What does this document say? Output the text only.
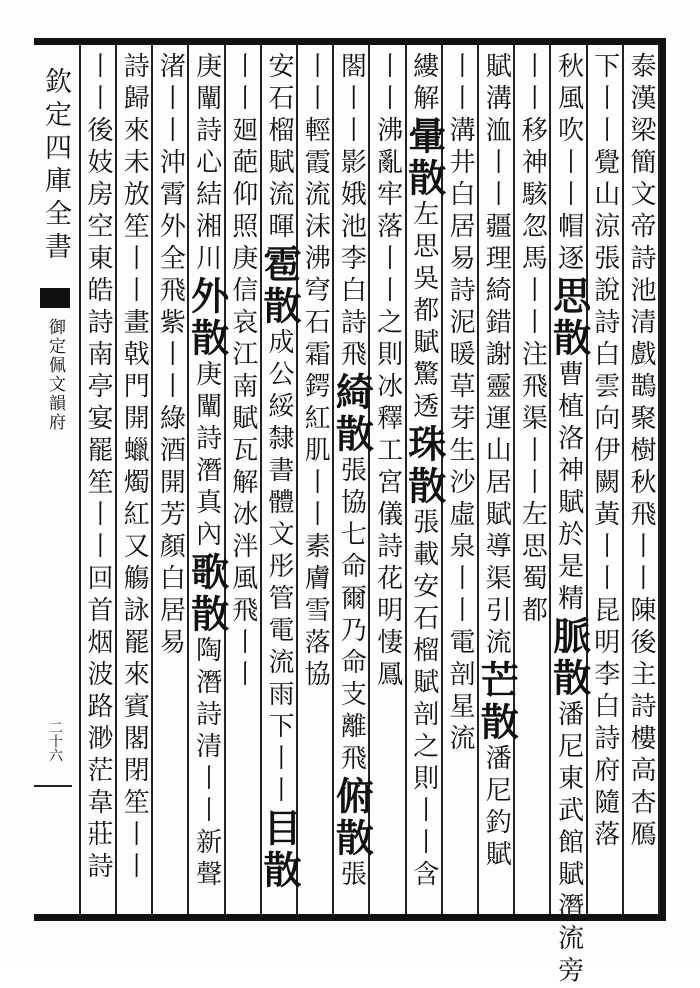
欽定四庫全書
御定佩文韻府
二十六	泰漢梁簡文帝詩池清戲鵲聚樹秋飛丨丨陳後主詩樓高杏鴈
下丨丨覺山涼張說詩白雲向伊闕黃丨丨昆明李白詩府隨落
秋風吹丨丨帽逐思散曹植洛神賦於是精脈散潘尼東武館賦潛流旁
丨丨移神駭忽馬丨丨注飛渠丨丨左思蜀都
賦溝洫丨丨疆理綺錯謝靈運山居賦導渠引流芒散潘尼釣賦
丨丨溝井白居易詩泥暖草芽生沙虛泉丨丨電剖星流
縷解暈散左思吳都賦驚透珠散張載安石榴賦剖之則丨丨含
丨丨沸亂牢落丨丨之則冰釋工宮儀詩花明悽鳳
閤丨丨影娥池李白詩飛綺散張協七命爾乃命支離飛俯散張
丨丨輕霞流沫沸穹石霜鍔紅肌丨丨素膚雪落協
安石榴賦流暉雹散成公綏隸書體文彤管電流雨下丨丨目散
丨丨廻葩仰照庚信哀江南賦瓦解冰泮風飛丨丨
庚闡詩心結湘川外散庚闡詩潛真內歌散陶潛詩清丨丨新聲
渚丨丨沖霄外全飛紫丨丨綠酒開芳顏白居易
詩歸來未放笙丨丨畫戟門開蠟燭紅又觴詠罷來賓閣閉笙丨丨
丨丨後妓房空東皓詩南亭宴罷笙丨丨回首烟波路渺茫韋莊詩
